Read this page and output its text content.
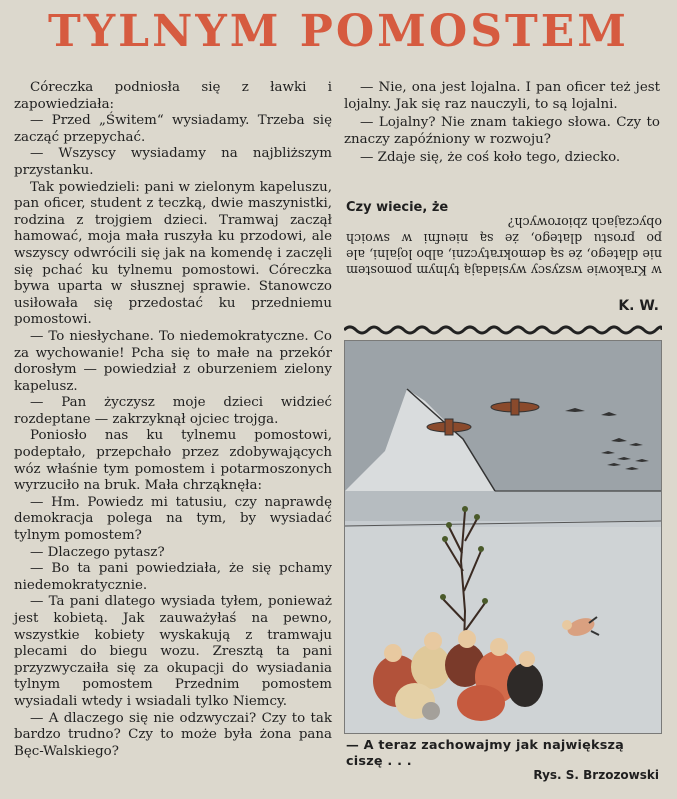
TYLNYM POMOSTEM

Córeczka podniosła się z ławki i zapowiedziała:

— Przed „Świtem“ wysiadamy. Trzeba się zacząć przepychać.

— Wszyscy wysiadamy na najbliższym przystanku.

Tak powiedzieli: pani w zielonym kapeluszu, pan oficer, student z teczką, dwie maszynistki, rodzina z trojgiem dzieci. Tramwaj zaczął hamować, moja mała ruszyła ku przodowi, ale wszyscy odwrócili się jak na komendę i zaczęli się pchać ku tylnemu pomostowi. Córeczka bywa uparta w słusznej sprawie. Stanowczo usiłowała się przedostać ku przedniemu pomostowi.

— To niesłychane. To niedemokratyczne. Co za wychowanie! Pcha się to małe na przekór dorosłym — powiedział z oburzeniem zielony kapelusz.

— Pan życzysz moje dzieci widzieć rozdeptane — zakrzyknął ojciec trojga.

Poniosło nas ku tylnemu pomostowi, podeptało, przepchało przez zdobywających wóz właśnie tym pomostem i potarmoszonych wyrzuciło na bruk. Mała chrząknęła:

— Hm. Powiedz mi tatusiu, czy naprawdę demokracja polega na tym, by wysiadać tylnym pomostem?

— Dlaczego pytasz?

— Bo ta pani powiedziała, że się pchamy niedemokratycznie.

— Ta pani dlatego wysiada tyłem, ponieważ jest kobietą. Jak zauważyłaś na pewno, wszystkie kobiety wyskakują z tramwaju plecami do biegu wozu. Zresztą ta pani przyzwyczaiła się za okupacji do wysiadania tylnym pomostem Przednim pomostem wysiadali wtedy i wsiadali tylko Niemcy.

— A dlaczego się nie odzwyczai? Czy to tak bardzo trudno? Czy to może była żona pana Bęc-Walskiego?

— Nie, ona jest lojalna. I pan oficer też jest lojalny. Jak się raz nauczyli, to są lojalni.

— Lojalny? Nie znam takiego słowa. Czy to znaczy zapóźniony w rozwoju?

— Zdaje się, że coś koło tego, dziecko.

Czy wiecie, że

w Krakowie wszyscy wysiadają tylnym pomostem nie dlatego, że są demokratyczni, albo lojalni, ale po prostu dlatego, że są nieufni w swoich obyczajach zbiorowych?

K. W.
— A teraz zachowajmy jak największą ciszę . . .
Rys. S. Brzozowski
